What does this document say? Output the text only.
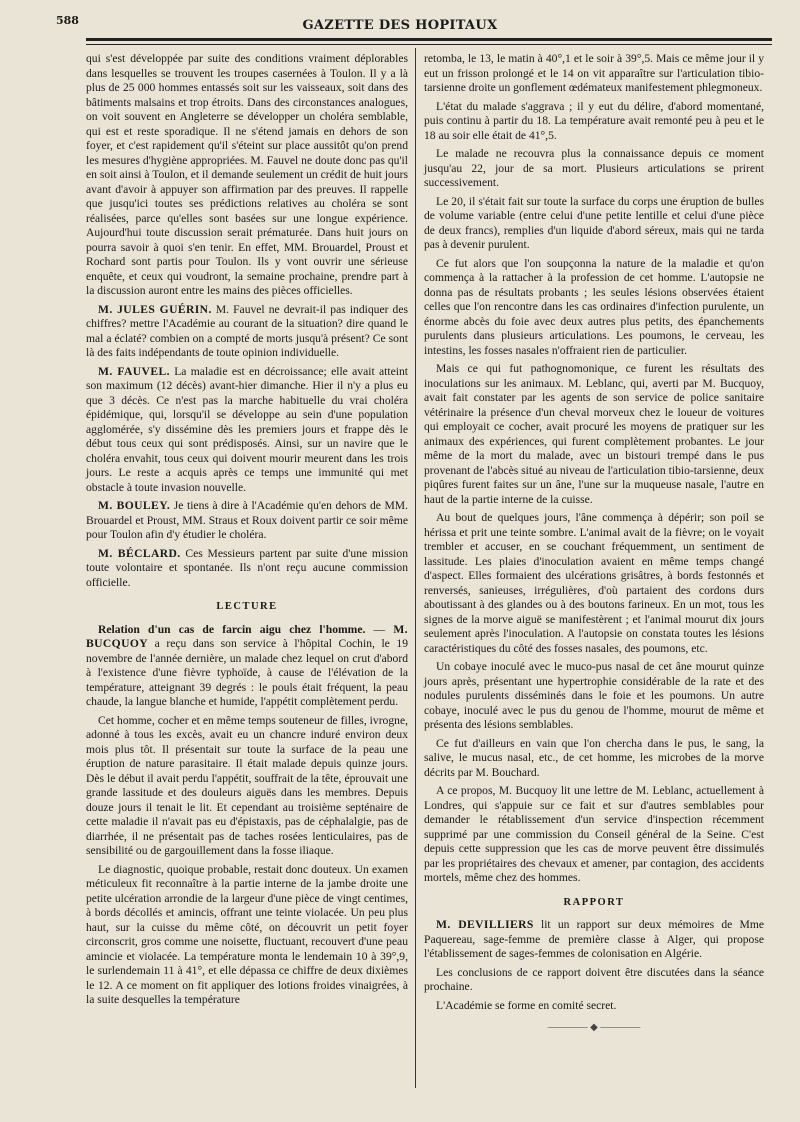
588	GAZETTE DES HOPITAUX

qui s'est développée par suite des conditions vraiment déplorables dans lesquelles se trouvent les troupes casernées à Toulon. Il y a là plus de 25 000 hommes entassés soit sur les vaisseaux, soit dans des bâtiments malsains et trop étroits. Dans des circonstances analogues, on voit souvent en Angleterre se développer un choléra semblable, qui est et reste sporadique. Il ne s'étend jamais en dehors de son foyer, et c'est rapidement qu'il s'éteint sur place aussitôt qu'on prend les mesures d'hygiène appropriées. M. Fauvel ne doute donc pas qu'il en soit ainsi à Toulon, et il demande seulement un crédit de huit jours avant d'avoir à appuyer son affirmation par des preuves. Il rappelle que jusqu'ici toutes ses prédictions relatives au choléra se sont réalisées, parce qu'elles sont basées sur une longue expérience. Aujourd'hui toute discussion serait prématurée. Dans huit jours on pourra savoir à quoi s'en tenir. En effet, MM. Brouardel, Proust et Rochard sont partis pour Toulon. Ils y vont ouvrir une sérieuse enquête, et ceux qui voudront, la semaine prochaine, prendre part à la discussion auront entre les mains des pièces officielles.

M. JULES GUÉRIN. M. Fauvel ne devrait-il pas indiquer des chiffres? mettre l'Académie au courant de la situation? dire quand le mal a éclaté? combien on a compté de morts jusqu'à présent? Ce sont là des faits indépendants de toute opinion individuelle.

M. FAUVEL. La maladie est en décroissance; elle avait atteint son maximum (12 décès) avant-hier dimanche. Hier il n'y a plus eu que 3 décès. Ce n'est pas la marche habituelle du vrai choléra épidémique, qui, lorsqu'il se développe au sein d'une population agglomérée, s'y dissémine dès les premiers jours et frappe dès le début tous ceux qui sont prédisposés. Ainsi, sur un navire que le choléra envahit, tous ceux qui doivent mourir meurent dans les trois jours. Le reste a acquis après ce temps une immunité qui met obstacle à toute invasion nouvelle.

M. BOULEY. Je tiens à dire à l'Académie qu'en dehors de MM. Brouardel et Proust, MM. Straus et Roux doivent partir ce soir même pour Toulon afin d'y étudier le choléra.

M. BÉCLARD. Ces Messieurs partent par suite d'une mission toute volontaire et spontanée. Ils n'ont reçu aucune commission officielle.

LECTURE

Relation d'un cas de farcin aigu chez l'homme. — M. BUCQUOY a reçu dans son service à l'hôpital Cochin, le 19 novembre de l'année dernière, un malade chez lequel on crut d'abord à l'existence d'une fièvre typhoïde, à cause de l'élévation de la température, atteignant 39 degrés : le pouls était fréquent, la peau chaude, la langue blanche et humide, l'appétit complètement perdu.

Cet homme, cocher et en même temps souteneur de filles, ivrogne, adonné à tous les excès, avait eu un chancre induré environ deux mois plus tôt. Il présentait sur toute la surface de la peau une éruption de nature parasitaire. Il était malade depuis quinze jours. Dès le début il avait perdu l'appétit, souffrait de la tête, éprouvait une grande lassitude et des douleurs aiguës dans les membres. Depuis douze jours il tenait le lit. Et cependant au troisième septénaire de cette maladie il n'avait pas eu d'épistaxis, pas de céphalalgie, pas de diarrhée, il ne présentait pas de taches rosées lenticulaires, pas de sensibilité ou de gargouillement dans la fosse iliaque.

Le diagnostic, quoique probable, restait donc douteux. Un examen méticuleux fit reconnaître à la partie interne de la jambe droite une petite ulcération arrondie de la largeur d'une pièce de vingt centimes, à bords décollés et amincis, offrant une teinte violacée. Un peu plus haut, sur la cuisse du même côté, on découvrit un petit foyer circonscrit, gros comme une noisette, fluctuant, recouvert d'une peau amincie et violacée. La température monta le lendemain 10 à 39°,9, le surlendemain 11 à 41°, et elle dépassa ce chiffre de deux dixièmes le 12. A ce moment on fit appliquer des lotions froides vinaigrées, à la suite desquelles la température

retomba, le 13, le matin à 40°,1 et le soir à 39°,5. Mais ce même jour il y eut un frisson prolongé et le 14 on vit apparaître sur l'articulation tibio-tarsienne droite un gonflement œdémateux manifestement phlegmoneux.

L'état du malade s'aggrava ; il y eut du délire, d'abord momentané, puis continu à partir du 18. La température avait remonté peu à peu et le 18 au soir elle était de 41°,5.

Le malade ne recouvra plus la connaissance depuis ce moment jusqu'au 22, jour de sa mort. Plusieurs articulations se prirent successivement.

Le 20, il s'était fait sur toute la surface du corps une éruption de bulles de volume variable (entre celui d'une petite lentille et celui d'une pièce de deux francs), remplies d'un liquide d'abord séreux, mais qui ne tarda pas à devenir purulent.

Ce fut alors que l'on soupçonna la nature de la maladie et qu'on commença à la rattacher à la profession de cet homme. L'autopsie ne donna pas de résultats probants ; les seules lésions observées étaient celles que l'on rencontre dans les cas ordinaires d'infection purulente, un énorme abcès du foie avec deux autres plus petits, des épanchements purulents dans plusieurs articulations. Les poumons, le cerveau, les intestins, les fosses nasales n'offraient rien de particulier.

Mais ce qui fut pathognomonique, ce furent les résultats des inoculations sur les animaux. M. Leblanc, qui, averti par M. Bucquoy, avait fait constater par les agents de son service de police sanitaire vétérinaire la présence d'un cheval morveux chez le loueur de voitures qui employait ce cocher, avait procuré les moyens de pratiquer sur les animaux des expériences, qui furent complètement probantes. Le jour même de la mort du malade, avec un bistouri trempé dans le pus provenant de l'abcès situé au niveau de l'articulation tibio-tarsienne, deux piqûres furent faites sur un âne, l'une sur la muqueuse nasale, l'autre en haut de la partie interne de la cuisse.

Au bout de quelques jours, l'âne commença à dépérir; son poil se hérissa et prit une teinte sombre. L'animal avait de la fièvre; on le voyait trembler et accuser, en se couchant fréquemment, un sentiment de lassitude. Les plaies d'inoculation avaient en même temps changé d'aspect. Elles formaient des ulcérations grisâtres, à bords festonnés et renversés, sanieuses, irrégulières, d'où partaient des cordons durs aboutissant à des glandes ou à des boutons farineux. En un mot, tous les signes de la morve aiguë se manifestèrent ; et l'animal mourut dix jours seulement après l'inoculation. A l'autopsie on constata toutes les lésions caractéristiques du côté des fosses nasales, des poumons, etc.

Un cobaye inoculé avec le muco-pus nasal de cet âne mourut quinze jours après, présentant une hypertrophie considérable de la rate et des nodules purulents disséminés dans le foie et les poumons. Un autre cobaye, inoculé avec le pus du genou de l'homme, mourut de même et présenta des lésions semblables.

Ce fut d'ailleurs en vain que l'on chercha dans le pus, le sang, la salive, le mucus nasal, etc., de cet homme, les microbes de la morve décrits par M. Bouchard.

A ce propos, M. Bucquoy lit une lettre de M. Leblanc, actuellement à Londres, qui s'appuie sur ce fait et sur d'autres semblables pour demander le rétablissement d'un service d'inspection récemment supprimé par une commission du Conseil général de la Seine. C'est depuis cette suppression que les cas de morve peuvent être dissimulés par les propriétaires des chevaux et amener, par contagion, des accidents mortels, même chez des hommes.

RAPPORT

M. DEVILLIERS lit un rapport sur deux mémoires de Mme Paquereau, sage-femme de première classe à Alger, qui propose l'établissement de sages-femmes de colonisation en Algérie.

Les conclusions de ce rapport doivent être discutées dans la séance prochaine.

L'Académie se forme en comité secret.

———— ◆ ————
